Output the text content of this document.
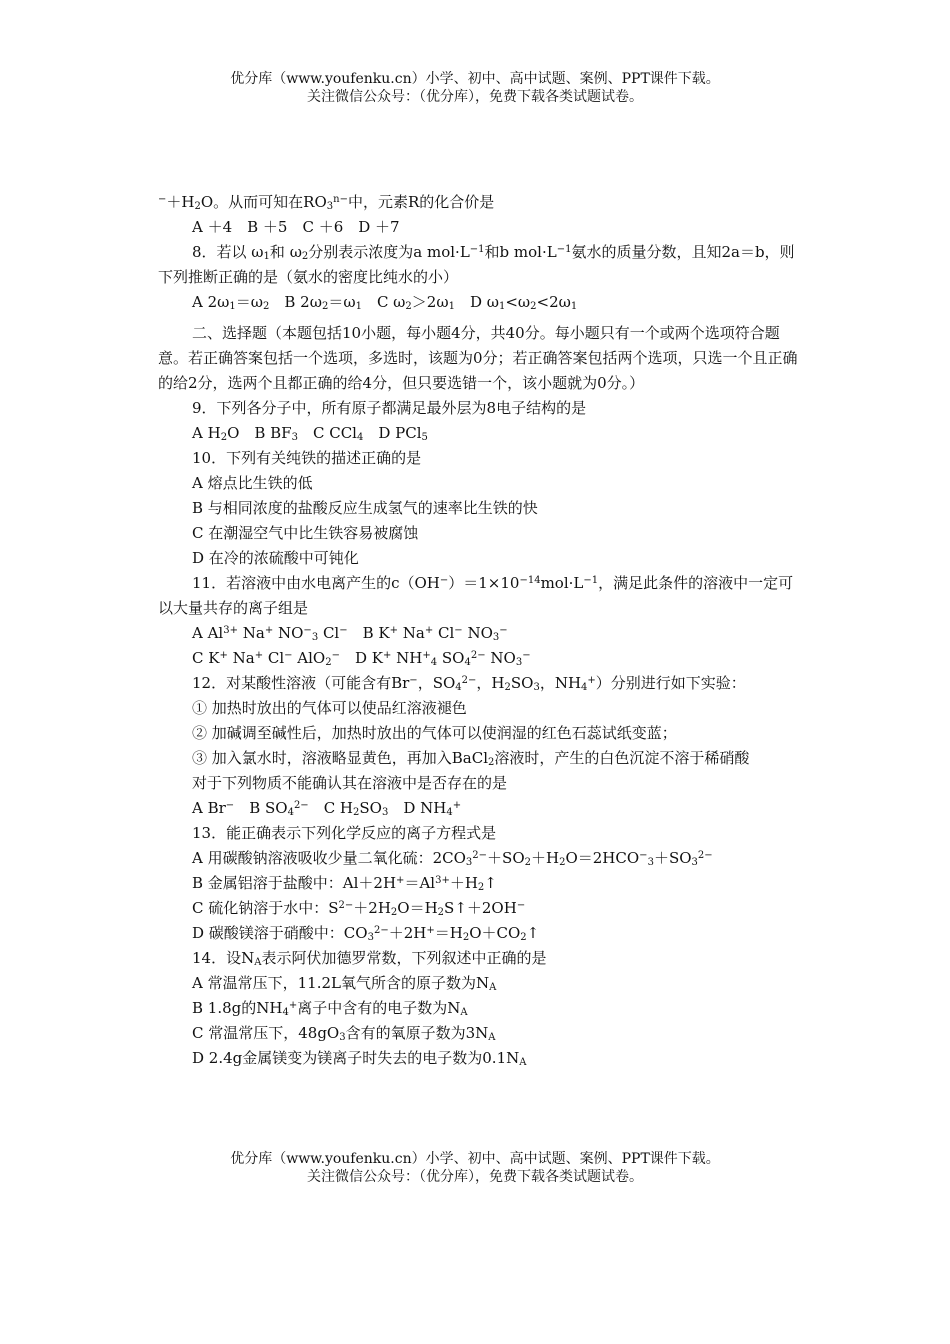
优分库（www.youfenku.cn）小学、初中、高中试题、案例、PPT课件下载。
关注微信公众号：（优分库），免费下载各类试题试卷。
$^-+H_2O$。从而可知在$RO_3^{n-}$中，元素R的化合价是
A ＋4　B ＋5　C ＋6　D ＋7
8．若以 $\omega_1$和 $\omega_2$分别表示浓度为a $mol\cdot L^{-1}$和b $mol\cdot L^{-1}$氨水的质量分数，且知2a＝b，则下列推断正确的是（氨水的密度比纯水的小）
A $2\omega_1=\omega_2$　B $2\omega_2=\omega_1$　C $\omega_2>2\omega_1$　D $\omega_1<\omega_2<2\omega_1$
二、选择题（本题包括10小题，每小题4分，共40分。每小题只有一个或两个选项符合题意。若正确答案包括一个选项，多选时，该题为0分；若正确答案包括两个选项，只选一个且正确的给2分，选两个且都正确的给4分，但只要选错一个，该小题就为0分。）
9．下列各分子中，所有原子都满足最外层为8电子结构的是
A $H_2O$　B $BF_3$　C CCl$_4$　D PCl$_5$
10．下列有关纯铁的描述正确的是
A 熔点比生铁的低
B 与相同浓度的盐酸反应生成氢气的速率比生铁的快
C 在潮湿空气中比生铁容易被腐蚀
D 在冷的浓硫酸中可钝化
11．若溶液中由水电离产生的$c(OH^-)=1\times 10^{-14}mol\cdot L^{-1}$，满足此条件的溶液中一定可以大量共存的离子组是
A $Al^{3+}$ Na+ $NO^-_3$ Cl−　B K+ Na+ Cl− $NO_3^-$
C K+ Na+ Cl− AlO$_2$−　D K+ $NH^+_4$ $SO_4^{2-}$ $NO_3^-$
12．对某酸性溶液（可能含有Br−，$SO_4^{2-}$，$H_2SO_3$，$NH_4^+$）分别进行如下实验：
① 加热时放出的气体可以使品红溶液褪色
② 加碱调至碱性后，加热时放出的气体可以使润湿的红色石蕊试纸变蓝；
③ 加入氯水时，溶液略显黄色，再加入BaCl$_2$溶液时，产生的白色沉淀不溶于稀硝酸
对于下列物质不能确认其在溶液中是否存在的是
A Br−　B $SO_4^{2-}$　C $H_2SO_3$　D $NH_4^+$
13．能正确表示下列化学反应的离子方程式是
A 用碳酸钠溶液吸收少量二氧化硫：$2CO_3^{2-}+SO_2+H_2O=2HCO^-_3+SO_3^{2-}$
B 金属铝溶于盐酸中：$Al+2H^+=Al^{3+}+H_2↑$
C 硫化钠溶于水中：$S^{2-}+2H_2O=H_2S↑+2OH^-$
D 碳酸镁溶于硝酸中：$CO_3^{2-}+2H^+=H_2O+CO_2↑$
14．设$N_A$表示阿伏加德罗常数，下列叙述中正确的是
A 常温常压下，11.2L氧气所含的原子数为$N_A$
B 1.8g的$NH_4^+$离子中含有的电子数为$N_A$
C 常温常压下，$48gO_3$含有的氧原子数为$3N_A$
D 2.4g金属镁变为镁离子时失去的电子数为$0.1N_A$
优分库（www.youfenku.cn）小学、初中、高中试题、案例、PPT课件下载。
关注微信公众号：（优分库），免费下载各类试题试卷。
